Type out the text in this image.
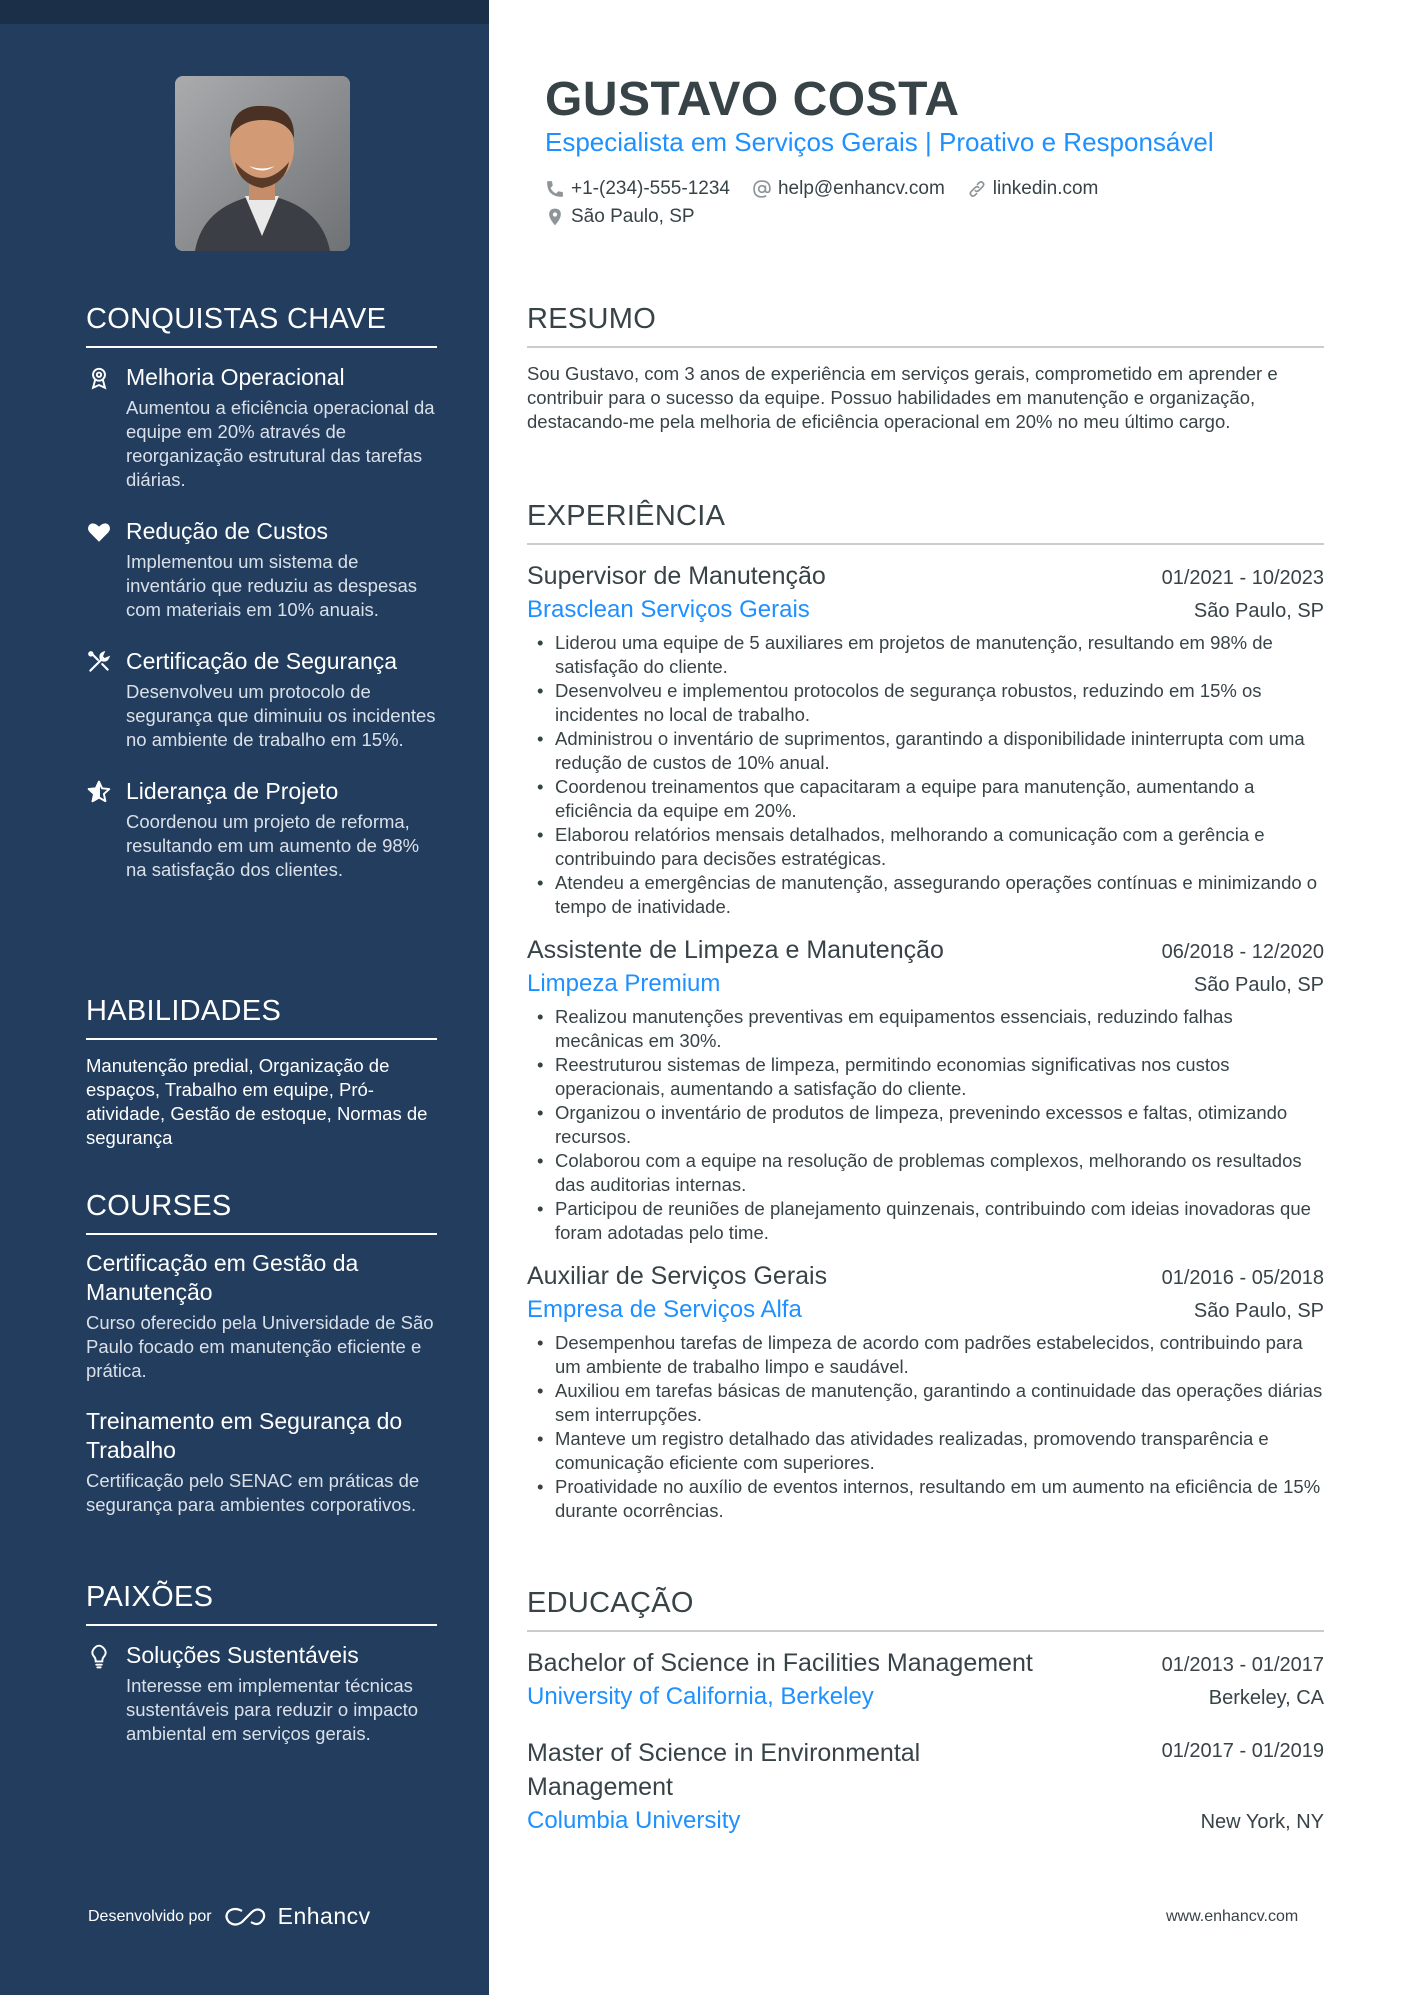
CONQUISTAS CHAVE
Melhoria Operacional
Aumentou a eficiência operacional da equipe em 20% através de reorganização estrutural das tarefas diárias.
Redução de Custos
Implementou um sistema de inventário que reduziu as despesas com materiais em 10% anuais.
Certificação de Segurança
Desenvolveu um protocolo de segurança que diminuiu os incidentes no ambiente de trabalho em 15%.
Liderança de Projeto
Coordenou um projeto de reforma, resultando em um aumento de 98% na satisfação dos clientes.
HABILIDADES
Manutenção predial, Organização de espaços, Trabalho em equipe, Pró-atividade, Gestão de estoque, Normas de segurança
COURSES
Certificação em Gestão da Manutenção
Curso oferecido pela Universidade de São Paulo focado em manutenção eficiente e prática.
Treinamento em Segurança do Trabalho
Certificação pelo SENAC em práticas de segurança para ambientes corporativos.
PAIXÕES
Soluções Sustentáveis
Interesse em implementar técnicas sustentáveis para reduzir o impacto ambiental em serviços gerais.
Desenvolvido por	Enhancv
GUSTAVO COSTA
Especialista em Serviços Gerais | Proativo e Responsável
+1-(234)-555-1234	help@enhancv.com	linkedin.com
São Paulo, SP
RESUMO
Sou Gustavo, com 3 anos de experiência em serviços gerais, comprometido em aprender e contribuir para o sucesso da equipe. Possuo habilidades em manutenção e organização, destacando-me pela melhoria de eficiência operacional em 20% no meu último cargo.
EXPERIÊNCIA
Supervisor de Manutenção	01/2021 - 10/2023
Brasclean Serviços Gerais	São Paulo, SP
• Liderou uma equipe de 5 auxiliares em projetos de manutenção, resultando em 98% de satisfação do cliente.
• Desenvolveu e implementou protocolos de segurança robustos, reduzindo em 15% os incidentes no local de trabalho.
• Administrou o inventário de suprimentos, garantindo a disponibilidade ininterrupta com uma redução de custos de 10% anual.
• Coordenou treinamentos que capacitaram a equipe para manutenção, aumentando a eficiência da equipe em 20%.
• Elaborou relatórios mensais detalhados, melhorando a comunicação com a gerência e contribuindo para decisões estratégicas.
• Atendeu a emergências de manutenção, assegurando operações contínuas e minimizando o tempo de inatividade.
Assistente de Limpeza e Manutenção	06/2018 - 12/2020
Limpeza Premium	São Paulo, SP
• Realizou manutenções preventivas em equipamentos essenciais, reduzindo falhas mecânicas em 30%.
• Reestruturou sistemas de limpeza, permitindo economias significativas nos custos operacionais, aumentando a satisfação do cliente.
• Organizou o inventário de produtos de limpeza, prevenindo excessos e faltas, otimizando recursos.
• Colaborou com a equipe na resolução de problemas complexos, melhorando os resultados das auditorias internas.
• Participou de reuniões de planejamento quinzenais, contribuindo com ideias inovadoras que foram adotadas pelo time.
Auxiliar de Serviços Gerais	01/2016 - 05/2018
Empresa de Serviços Alfa	São Paulo, SP
• Desempenhou tarefas de limpeza de acordo com padrões estabelecidos, contribuindo para um ambiente de trabalho limpo e saudável.
• Auxiliou em tarefas básicas de manutenção, garantindo a continuidade das operações diárias sem interrupções.
• Manteve um registro detalhado das atividades realizadas, promovendo transparência e comunicação eficiente com superiores.
• Proatividade no auxílio de eventos internos, resultando em um aumento na eficiência de 15% durante ocorrências.
EDUCAÇÃO
Bachelor of Science in Facilities Management	01/2013 - 01/2017
University of California, Berkeley	Berkeley, CA
Master of Science in Environmental Management
01/2017 - 01/2019
Columbia University	New York, NY
www.enhancv.com
